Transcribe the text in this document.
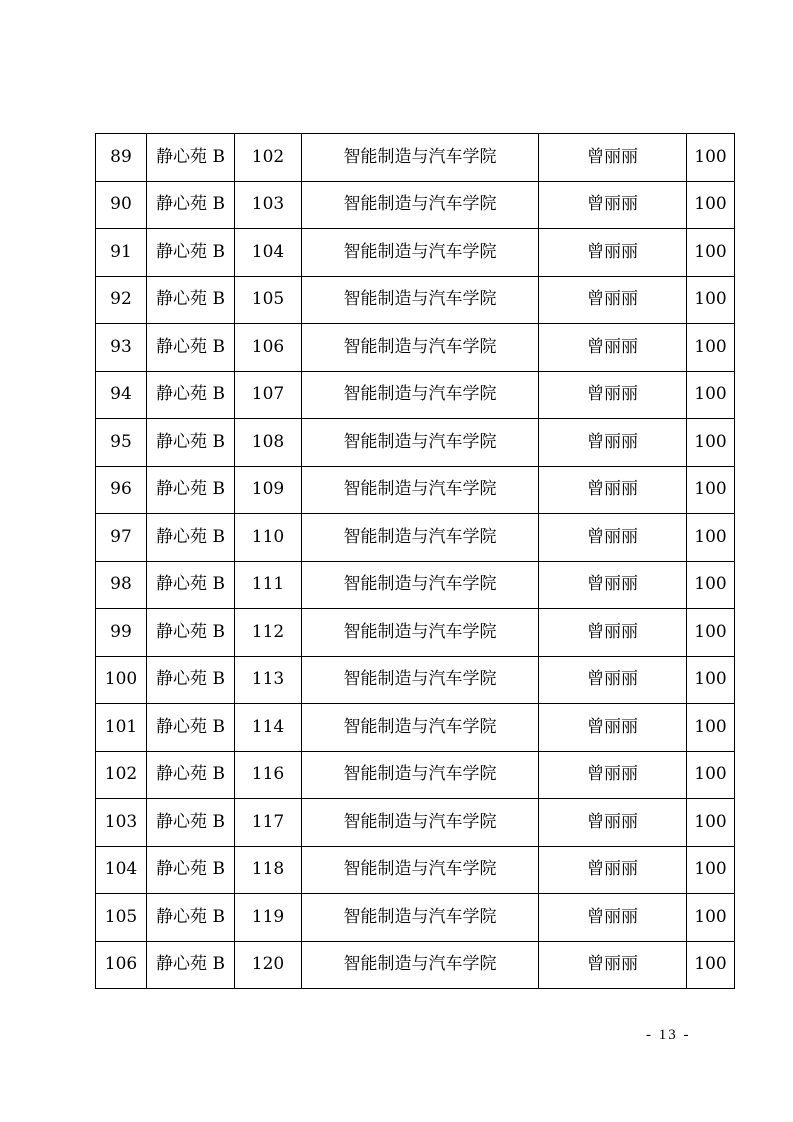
89	静心苑 B	102	智能制造与汽车学院	曾丽丽	100
90	静心苑 B	103	智能制造与汽车学院	曾丽丽	100
91	静心苑 B	104	智能制造与汽车学院	曾丽丽	100
92	静心苑 B	105	智能制造与汽车学院	曾丽丽	100
93	静心苑 B	106	智能制造与汽车学院	曾丽丽	100
94	静心苑 B	107	智能制造与汽车学院	曾丽丽	100
95	静心苑 B	108	智能制造与汽车学院	曾丽丽	100
96	静心苑 B	109	智能制造与汽车学院	曾丽丽	100
97	静心苑 B	110	智能制造与汽车学院	曾丽丽	100
98	静心苑 B	111	智能制造与汽车学院	曾丽丽	100
99	静心苑 B	112	智能制造与汽车学院	曾丽丽	100
100	静心苑 B	113	智能制造与汽车学院	曾丽丽	100
101	静心苑 B	114	智能制造与汽车学院	曾丽丽	100
102	静心苑 B	116	智能制造与汽车学院	曾丽丽	100
103	静心苑 B	117	智能制造与汽车学院	曾丽丽	100
104	静心苑 B	118	智能制造与汽车学院	曾丽丽	100
105	静心苑 B	119	智能制造与汽车学院	曾丽丽	100
106	静心苑 B	120	智能制造与汽车学院	曾丽丽	100
- 13 -
